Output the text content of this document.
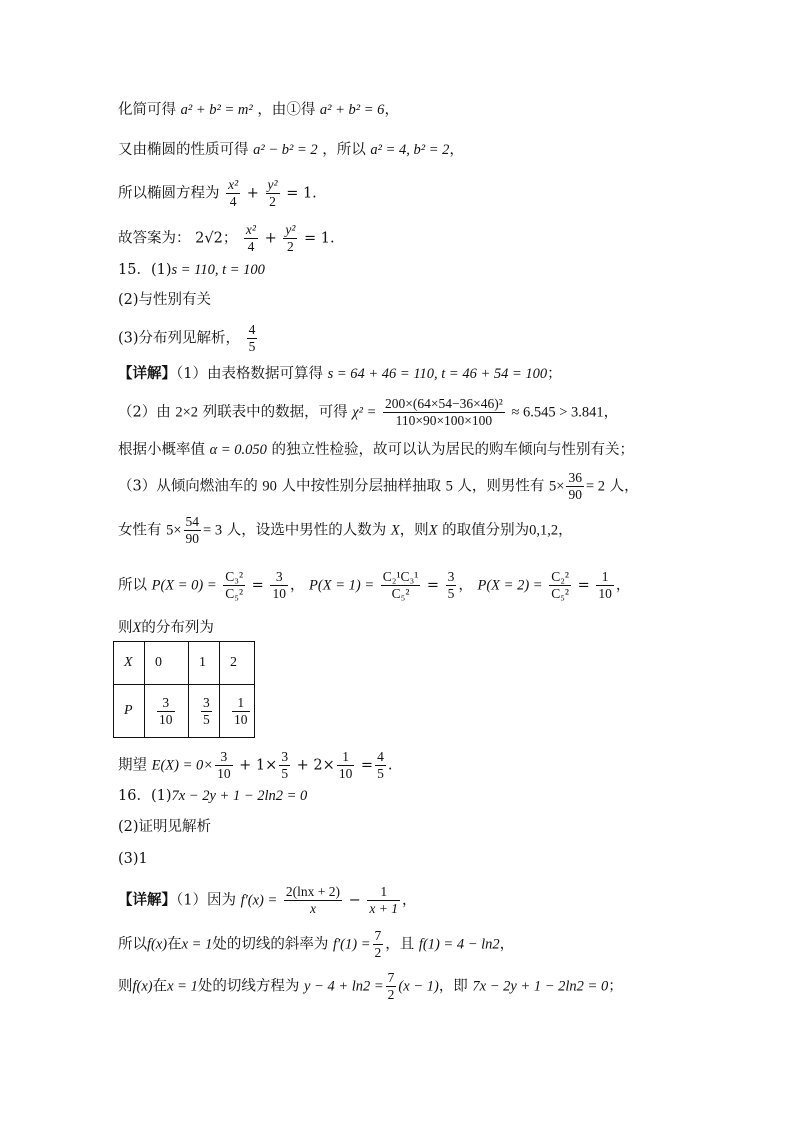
化简可得 a² + b² = m² ，由①得 a² + b² = 6，
又由椭圆的性质可得 a² − b² = 2 ，所以 a² = 4, b² = 2，
所以椭圆方程为 $\frac{\text{x²}}{4} + \frac{\text{y²}}{2} = 1$.
故答案为： 2√2； $\frac{\text{x²}}{4} + \frac{\text{y²}}{2} = 1$.
15．(1)s = 110, t = 100
(2)与性别有关
(3)分布列见解析， $\frac{4}{5}$
【详解】（1）由表格数据可算得 s = 64 + 46 = 110, t = 46 + 54 = 100；
（2）由 2×2 列联表中的数据，可得 $\chi^2 = \frac{\text{200×(64×54−36×46)²}}{110\times 90\times 100\times 100} \approx 6.545 > 3.841$，
根据小概率值 α = 0.050 的独立性检验，故可以认为居民的购车倾向与性别有关；
（3）从倾向燃油车的 90 人中按性别分层抽样抽取 5 人，则男性有 $5\times \frac{36}{90} = 2$ 人，
女性有 $5\times \frac{54}{90} = 3$ 人，设选中男性的人数为 X，则X 的取值分别为0,1,2，
所以 $P(X = 0) = \frac{\text{C₃²}}{\text{C₅²}} = \frac{3}{10}$ ， $P(X = 1) = \frac{\text{C₂¹C₃¹}}{\text{C₅²}} = \frac{3}{5}$ ， $P(X = 2) = \frac{\text{C₂²}}{\text{C₅²}} = \frac{1}{10}$ ，
则X的分布列为
X	0	1	2
P	$\frac{3}{10}$	$\frac{3}{5}$	$\frac{1}{10}$
期望 $E(X) = 0\times \frac{3}{10} + 1\times \frac{3}{5} + 2\times \frac{1}{10} = \frac{4}{5}$ .
16．(1)7x − 2y + 1 − 2ln2 = 0
(2)证明见解析
(3)1
【详解】（1）因为 $f'(x) = \frac{2(\ln x + 2)}{x} - \frac{1}{x + 1}$ ，
所以f(x)在x = 1处的切线的斜率为 $f'(1) = \frac{7}{2}$ ，且 f(1) = 4 − ln2，
则f(x)在x = 1处的切线方程为 $y - 4 + \ln 2 = \frac{7}{2} (x - 1)$，即 7x − 2y + 1 − 2ln2 = 0；
